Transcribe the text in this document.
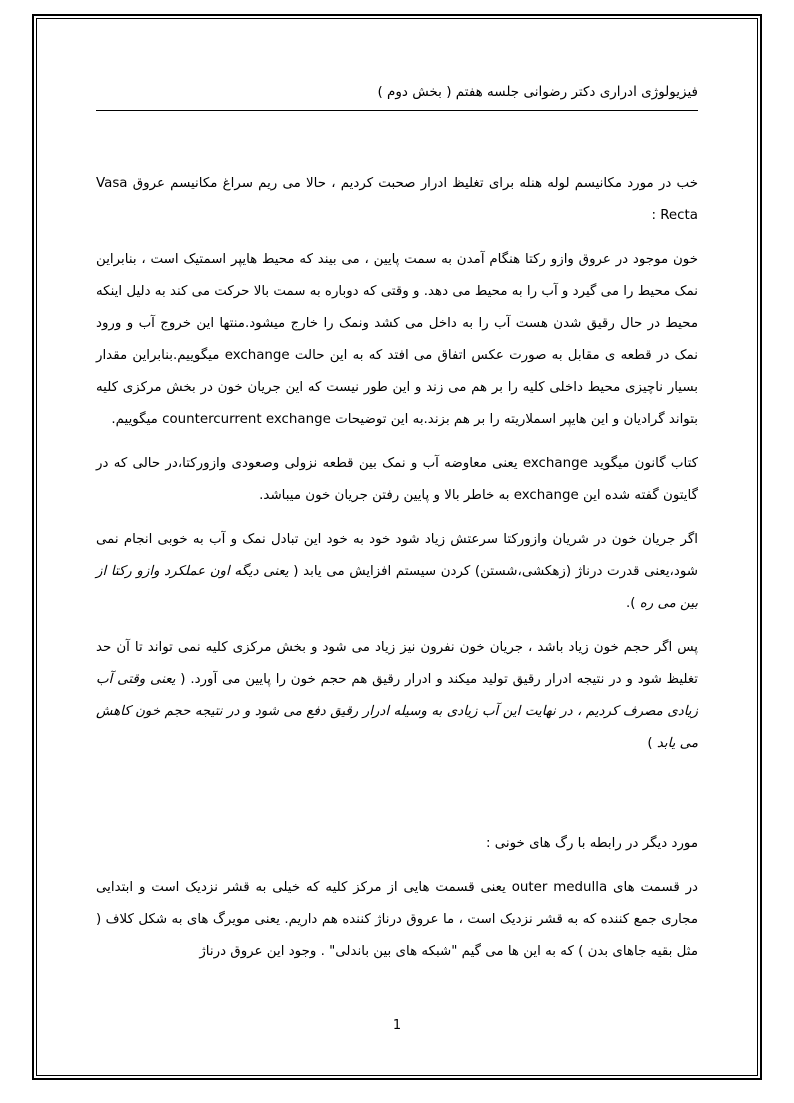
فیزیولوژی ادراری دکتر رضوانی جلسه هفتم ( بخش دوم )

خب در مورد مکانیسم لوله هنله برای تغلیظ ادرار صحبت کردیم ، حالا می ریم سراغ مکانیسم عروق Vasa Recta :

خون موجود در عروق وازو رکتا هنگام آمدن به سمت پایین ، می بیند که محیط هایپر اسمتیک است ، بنابراین نمک محیط را می گیرد و آب را به محیط می دهد. و وقتی که دوباره به سمت بالا حرکت می کند به دلیل اینکه محیط در حال رقیق شدن هست آب را به داخل می کشد ونمک را خارج میشود.منتها این خروج آب و ورود نمک در قطعه ی مقابل به صورت عکس اتفاق می افتد که به این حالت exchange میگوییم.بنابراین مقدار بسیار ناچیزی محیط داخلی کلیه را بر هم می زند و این طور نیست که این جریان خون در بخش مرکزی کلیه بتواند گرادیان و این هایپر اسملاریته را بر هم بزند.به این توضیحات countercurrent exchange میگوییم.

کتاب گانون میگوید exchange یعنی معاوضه آب و نمک بین قطعه نزولی وصعودی وازورکتا،در حالی که در گایتون گفته شده این exchange به خاطر بالا و پایین رفتن جریان خون میباشد.

اگر جریان خون در شریان وازورکتا سرعتش زیاد شود خود به خود این تبادل نمک و آب به خوبی انجام نمی شود،یعنی قدرت درناژ (زهکشی،شستن) کردن سیستم افزایش می یابد ( یعنی دیگه اون عملکرد وازو رکتا از بین می ره ).

پس اگر حجم خون زیاد باشد ، جریان خون نفرون نیز زیاد می شود و بخش مرکزی کلیه نمی تواند تا آن حد تغلیظ شود و در نتیجه ادرار رقیق تولید میکند و ادرار رقیق هم حجم خون را پایین می آورد. ( یعنی وقتی آب زیادی مصرف کردیم ، در نهایت این آب زیادی به وسیله ادرار رقیق دفع می شود و در نتیجه حجم خون کاهش می یابد )

مورد دیگر در رابطه با رگ های خونی :

در قسمت های outer medulla یعنی قسمت هایی از مرکز کلیه که خیلی به قشر نزدیک است و ابتدایی مجاری جمع کننده که به قشر نزدیک است ، ما عروق درناژ کننده هم داریم. یعنی مویرگ های به شکل کلاف ( مثل بقیه جاهای بدن ) که به این ها می گیم "شبکه های بین باندلی" . وجود این عروق درناژ

1
